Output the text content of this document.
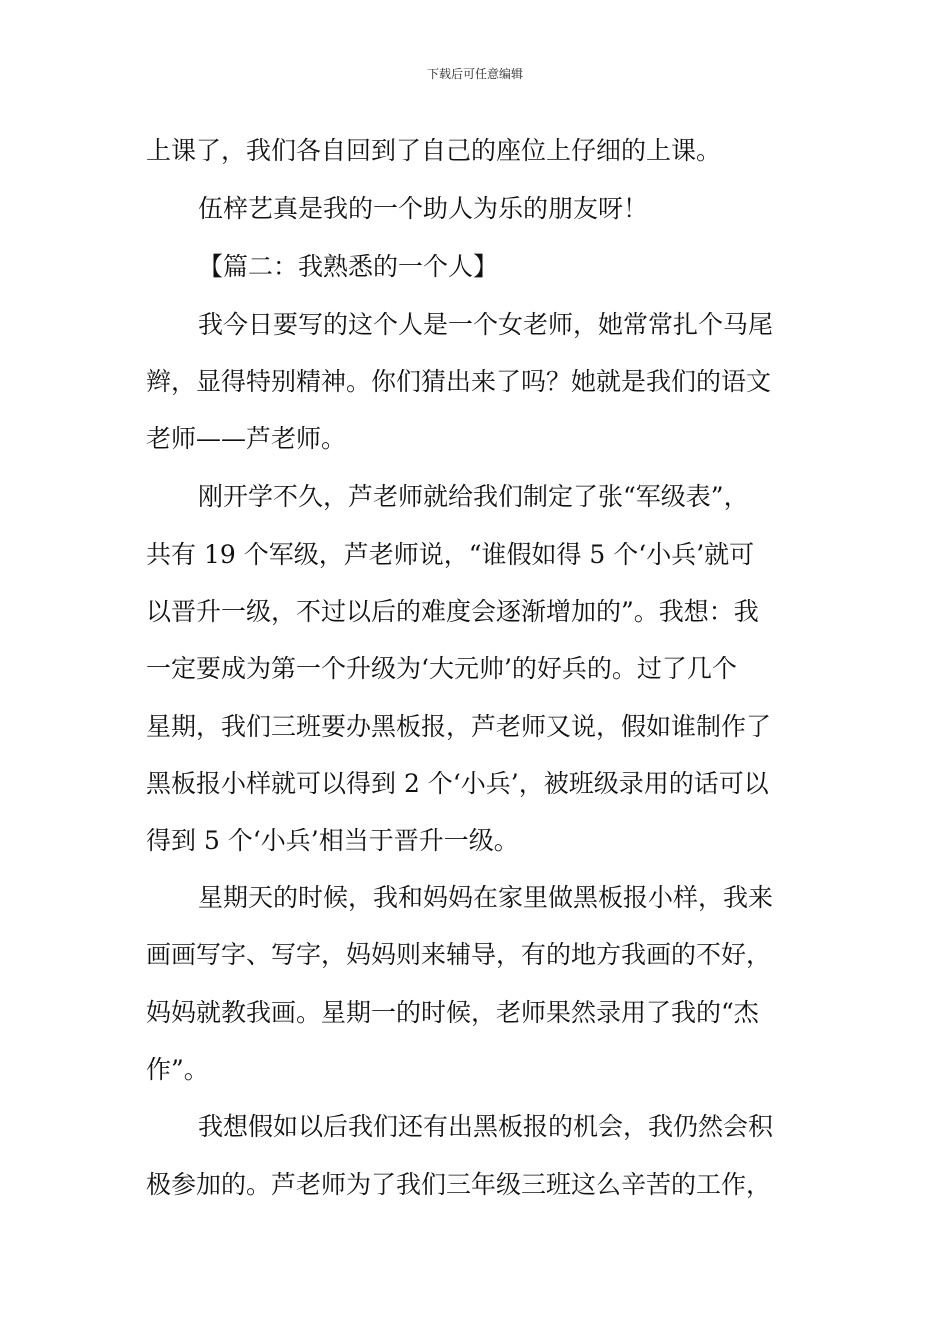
下载后可任意编辑
上课了，我们各自回到了自己的座位上仔细的上课。
伍梓艺真是我的一个助人为乐的朋友呀！
【篇二：我熟悉的一个人】
我今日要写的这个人是一个女老师，她常常扎个马尾
辫，显得特别精神。你们猜出来了吗？她就是我们的语文
老师——芦老师。
刚开学不久，芦老师就给我们制定了张“军级表”，
共有 19 个军级，芦老师说，“谁假如得 5 个‘小兵’就可
以晋升一级，不过以后的难度会逐渐增加的”。我想：我
一定要成为第一个升级为‘大元帅’的好兵的。过了几个
星期，我们三班要办黑板报，芦老师又说，假如谁制作了
黑板报小样就可以得到 2 个‘小兵’，被班级录用的话可以
得到 5 个‘小兵’相当于晋升一级。
星期天的时候，我和妈妈在家里做黑板报小样，我来
画画写字、写字，妈妈则来辅导，有的地方我画的不好，
妈妈就教我画。星期一的时候，老师果然录用了我的“杰
作”。
我想假如以后我们还有出黑板报的机会，我仍然会积
极参加的。芦老师为了我们三年级三班这么辛苦的工作，
